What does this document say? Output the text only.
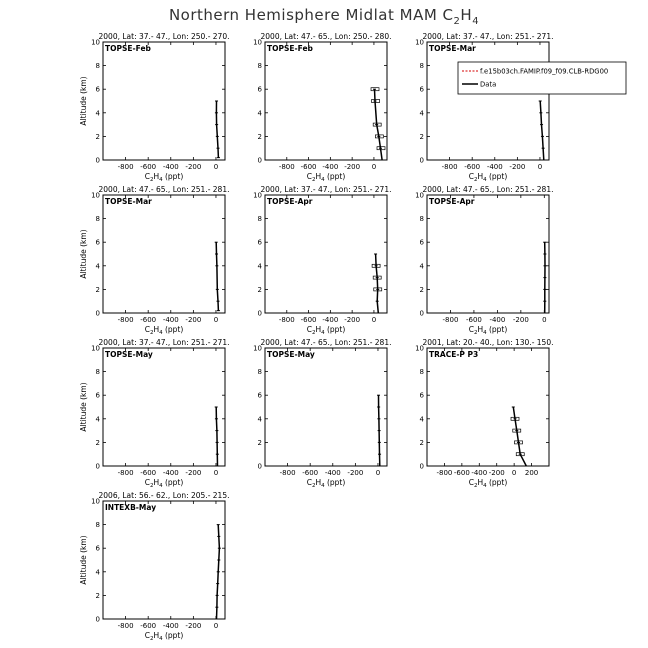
Northern Hemisphere Midlat MAM $C_2H_4$
2000, Lat: 37.- 47., Lon: 250.- 270.
TOPSE-Feb
-800 -600 -400 -200 0
0
2
4
6
8
10
$C_2H_4$ (ppt)
Altitude (km)
2000, Lat: 47.- 65., Lon: 250.- 280.
TOPSE-Feb
-800 -600 -400 -200 0
0
2
4
6
8
10
$C_2H_4$ (ppt)
2000, Lat: 37.- 47., Lon: 251.- 271.
TOPSE-Mar
-800 -600 -400 -200 0
0
2
4
6
8
10
$C_2H_4$ (ppt)
2000, Lat: 47.- 65., Lon: 251.- 281.
TOPSE-Mar
-800 -600 -400 -200 0
0
2
4
6
8
10
$C_2H_4$ (ppt)
Altitude (km)
2000, Lat: 37.- 47., Lon: 251.- 271.
TOPSE-Apr
-800 -600 -400 -200 0
0
2
4
6
8
10
$C_2H_4$ (ppt)
2000, Lat: 47.- 65., Lon: 251.- 281.
TOPSE-Apr
-800 -600 -400 -200 0
0
2
4
6
8
10
$C_2H_4$ (ppt)
2000, Lat: 37.- 47., Lon: 251.- 271.
TOPSE-May
-800 -600 -400 -200 0
0
2
4
6
8
10
$C_2H_4$ (ppt)
Altitude (km)
2000, Lat: 47.- 65., Lon: 251.- 281.
TOPSE-May
-800 -600 -400 -200 0
0
2
4
6
8
10
$C_2H_4$ (ppt)
2001, Lat: 20.- 40., Lon: 130.- 150.
TRACE-P P3
-800 -600 -400 -200 0 200
0
2
4
6
8
10
$C_2H_4$ (ppt)
2006, Lat: 56.- 62., Lon: 205.- 215.
INTEXB-May
-800 -600 -400 -200 0
0
2
4
6
8
10
$C_2H_4$ (ppt)
Altitude (km)
f.e15b03ch.FAMIP.f09_f09.CLB-RDG00
Data
